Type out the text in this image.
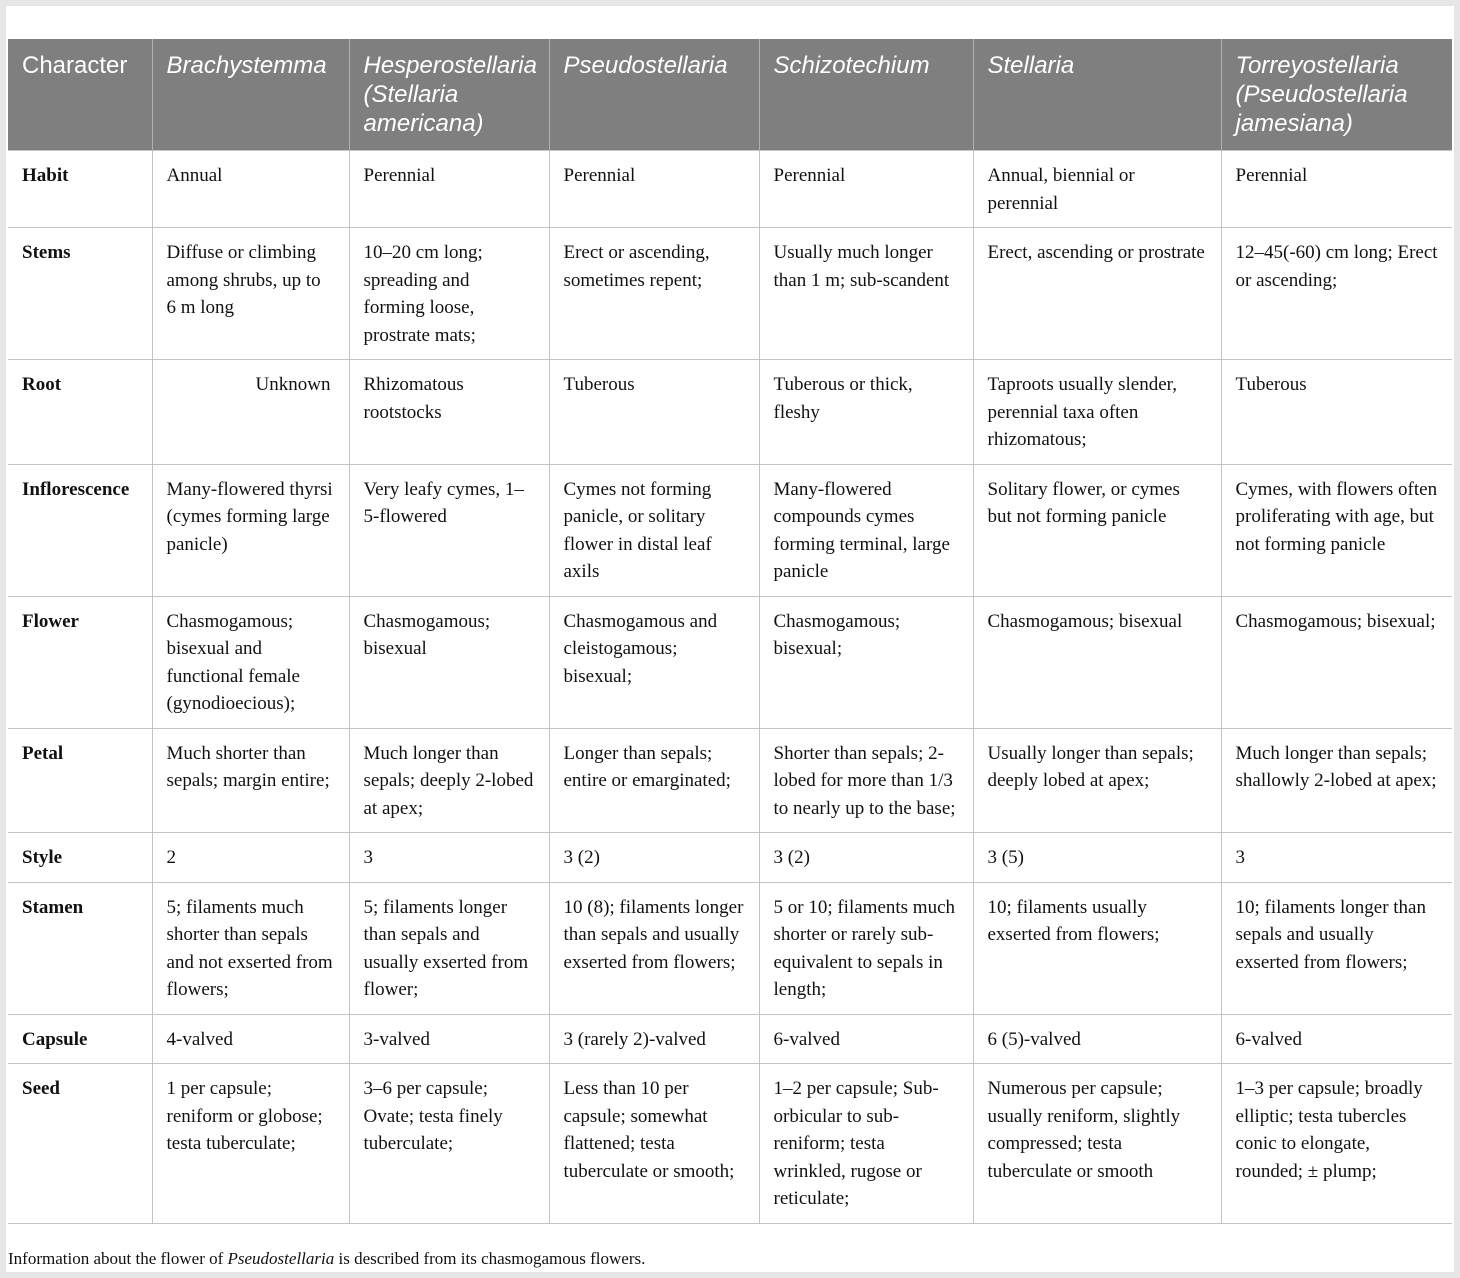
Character	Brachystemma	Hesperostellaria (Stellaria americana)	Pseudostellaria	Schizotechium	Stellaria	Torreyostellaria (Pseudostellaria jamesiana)
Habit	Annual	Perennial	Perennial	Perennial	Annual, biennial or perennial	Perennial
Stems	Diffuse or climbing among shrubs, up to 6 m long	10–20 cm long; spreading and forming loose, prostrate mats;	Erect or ascending, sometimes repent;	Usually much longer than 1 m; sub-scandent	Erect, ascending or prostrate	12–45(-60) cm long; Erect or ascending;
Root	Unknown	Rhizomatous rootstocks	Tuberous	Tuberous or thick, fleshy	Taproots usually slender, perennial taxa often rhizomatous;	Tuberous
Inflorescence	Many-flowered thyrsi (cymes forming large panicle)	Very leafy cymes, 1–5-flowered	Cymes not forming panicle, or solitary flower in distal leaf axils	Many-flowered compounds cymes forming terminal, large panicle	Solitary flower, or cymes but not forming panicle	Cymes, with flowers often proliferating with age, but not forming panicle
Flower	Chasmogamous; bisexual and functional female (gynodioecious);	Chasmogamous; bisexual	Chasmogamous and cleistogamous; bisexual;	Chasmogamous; bisexual;	Chasmogamous; bisexual	Chasmogamous; bisexual;
Petal	Much shorter than sepals; margin entire;	Much longer than sepals; deeply 2-lobed at apex;	Longer than sepals; entire or emarginated;	Shorter than sepals; 2-lobed for more than 1/3 to nearly up to the base;	Usually longer than sepals; deeply lobed at apex;	Much longer than sepals; shallowly 2-lobed at apex;
Style	2	3	3 (2)	3 (2)	3 (5)	3
Stamen	5; filaments much shorter than sepals and not exserted from flowers;	5; filaments longer than sepals and usually exserted from flower;	10 (8); filaments longer than sepals and usually exserted from flowers;	5 or 10; filaments much shorter or rarely sub-equivalent to sepals in length;	10; filaments usually exserted from flowers;	10; filaments longer than sepals and usually exserted from flowers;
Capsule	4-valved	3-valved	3 (rarely 2)-valved	6-valved	6 (5)-valved	6-valved
Seed	1 per capsule; reniform or globose; testa tuberculate;	3–6 per capsule; Ovate; testa finely tuberculate;	Less than 10 per capsule; somewhat flattened; testa tuberculate or smooth;	1–2 per capsule; Sub-orbicular to sub-reniform; testa wrinkled, rugose or reticulate;	Numerous per capsule; usually reniform, slightly compressed; testa tuberculate or smooth	1–3 per capsule; broadly elliptic; testa tubercles conic to elongate, rounded; ± plump;
Information about the flower of Pseudostellaria is described from its chasmogamous flowers.
